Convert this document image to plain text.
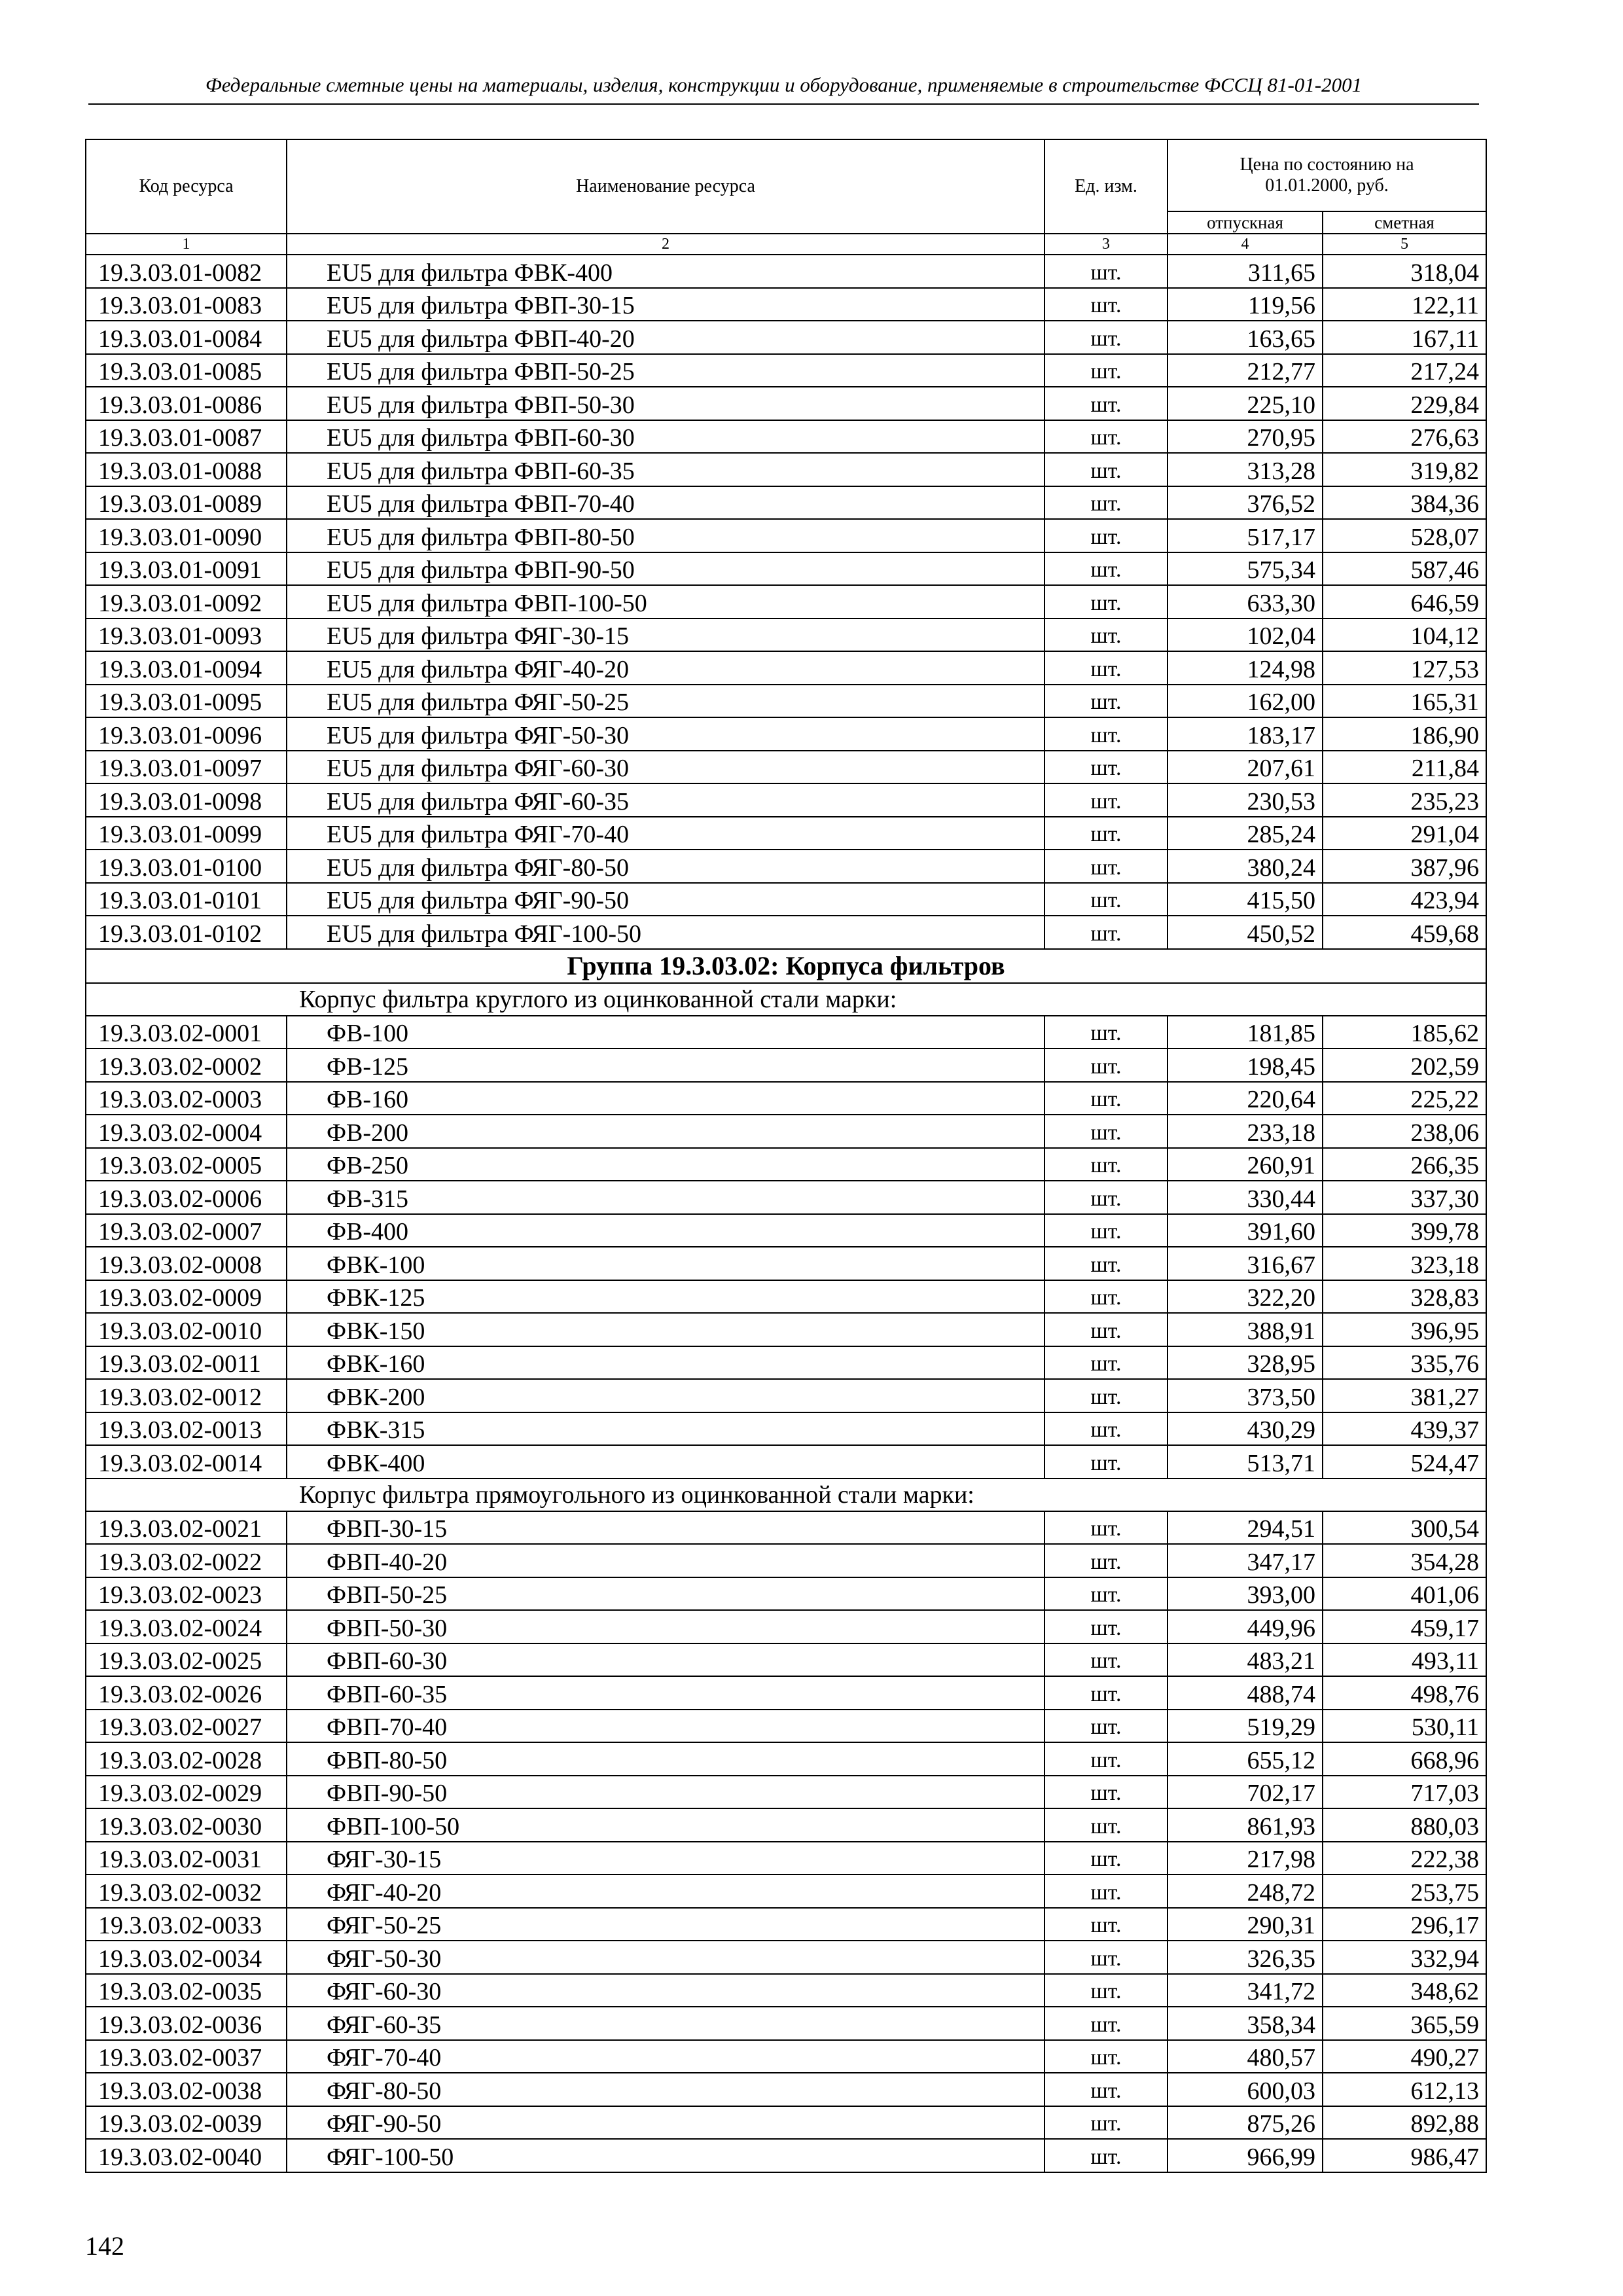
Федеральные сметные цены на материалы, изделия, конструкции и оборудование, применяемые в строительстве ФССЦ 81-01-2001
Код ресурса	Наименование ресурса	Ед. изм.	Цена по состоянию на 01.01.2000, руб.	
			отпускная	сметная
1	2	3	4	5
19.3.03.01-0082	EU5 для фильтра ФВК-400	шт.	311,65	318,04
19.3.03.01-0083	EU5 для фильтра ФВП-30-15	шт.	119,56	122,11
19.3.03.01-0084	EU5 для фильтра ФВП-40-20	шт.	163,65	167,11
19.3.03.01-0085	EU5 для фильтра ФВП-50-25	шт.	212,77	217,24
19.3.03.01-0086	EU5 для фильтра ФВП-50-30	шт.	225,10	229,84
19.3.03.01-0087	EU5 для фильтра ФВП-60-30	шт.	270,95	276,63
19.3.03.01-0088	EU5 для фильтра ФВП-60-35	шт.	313,28	319,82
19.3.03.01-0089	EU5 для фильтра ФВП-70-40	шт.	376,52	384,36
19.3.03.01-0090	EU5 для фильтра ФВП-80-50	шт.	517,17	528,07
19.3.03.01-0091	EU5 для фильтра ФВП-90-50	шт.	575,34	587,46
19.3.03.01-0092	EU5 для фильтра ФВП-100-50	шт.	633,30	646,59
19.3.03.01-0093	EU5 для фильтра ФЯГ-30-15	шт.	102,04	104,12
19.3.03.01-0094	EU5 для фильтра ФЯГ-40-20	шт.	124,98	127,53
19.3.03.01-0095	EU5 для фильтра ФЯГ-50-25	шт.	162,00	165,31
19.3.03.01-0096	EU5 для фильтра ФЯГ-50-30	шт.	183,17	186,90
19.3.03.01-0097	EU5 для фильтра ФЯГ-60-30	шт.	207,61	211,84
19.3.03.01-0098	EU5 для фильтра ФЯГ-60-35	шт.	230,53	235,23
19.3.03.01-0099	EU5 для фильтра ФЯГ-70-40	шт.	285,24	291,04
19.3.03.01-0100	EU5 для фильтра ФЯГ-80-50	шт.	380,24	387,96
19.3.03.01-0101	EU5 для фильтра ФЯГ-90-50	шт.	415,50	423,94
19.3.03.01-0102	EU5 для фильтра ФЯГ-100-50	шт.	450,52	459,68
Группа 19.3.03.02: Корпуса фильтров				
Корпус фильтра круглого из оцинкованной стали марки:				
19.3.03.02-0001	ФВ-100	шт.	181,85	185,62
19.3.03.02-0002	ФВ-125	шт.	198,45	202,59
19.3.03.02-0003	ФВ-160	шт.	220,64	225,22
19.3.03.02-0004	ФВ-200	шт.	233,18	238,06
19.3.03.02-0005	ФВ-250	шт.	260,91	266,35
19.3.03.02-0006	ФВ-315	шт.	330,44	337,30
19.3.03.02-0007	ФВ-400	шт.	391,60	399,78
19.3.03.02-0008	ФВК-100	шт.	316,67	323,18
19.3.03.02-0009	ФВК-125	шт.	322,20	328,83
19.3.03.02-0010	ФВК-150	шт.	388,91	396,95
19.3.03.02-0011	ФВК-160	шт.	328,95	335,76
19.3.03.02-0012	ФВК-200	шт.	373,50	381,27
19.3.03.02-0013	ФВК-315	шт.	430,29	439,37
19.3.03.02-0014	ФВК-400	шт.	513,71	524,47
Корпус фильтра прямоугольного из оцинкованной стали марки:				
19.3.03.02-0021	ФВП-30-15	шт.	294,51	300,54
19.3.03.02-0022	ФВП-40-20	шт.	347,17	354,28
19.3.03.02-0023	ФВП-50-25	шт.	393,00	401,06
19.3.03.02-0024	ФВП-50-30	шт.	449,96	459,17
19.3.03.02-0025	ФВП-60-30	шт.	483,21	493,11
19.3.03.02-0026	ФВП-60-35	шт.	488,74	498,76
19.3.03.02-0027	ФВП-70-40	шт.	519,29	530,11
19.3.03.02-0028	ФВП-80-50	шт.	655,12	668,96
19.3.03.02-0029	ФВП-90-50	шт.	702,17	717,03
19.3.03.02-0030	ФВП-100-50	шт.	861,93	880,03
19.3.03.02-0031	ФЯГ-30-15	шт.	217,98	222,38
19.3.03.02-0032	ФЯГ-40-20	шт.	248,72	253,75
19.3.03.02-0033	ФЯГ-50-25	шт.	290,31	296,17
19.3.03.02-0034	ФЯГ-50-30	шт.	326,35	332,94
19.3.03.02-0035	ФЯГ-60-30	шт.	341,72	348,62
19.3.03.02-0036	ФЯГ-60-35	шт.	358,34	365,59
19.3.03.02-0037	ФЯГ-70-40	шт.	480,57	490,27
19.3.03.02-0038	ФЯГ-80-50	шт.	600,03	612,13
19.3.03.02-0039	ФЯГ-90-50	шт.	875,26	892,88
19.3.03.02-0040	ФЯГ-100-50	шт.	966,99	986,47
142
